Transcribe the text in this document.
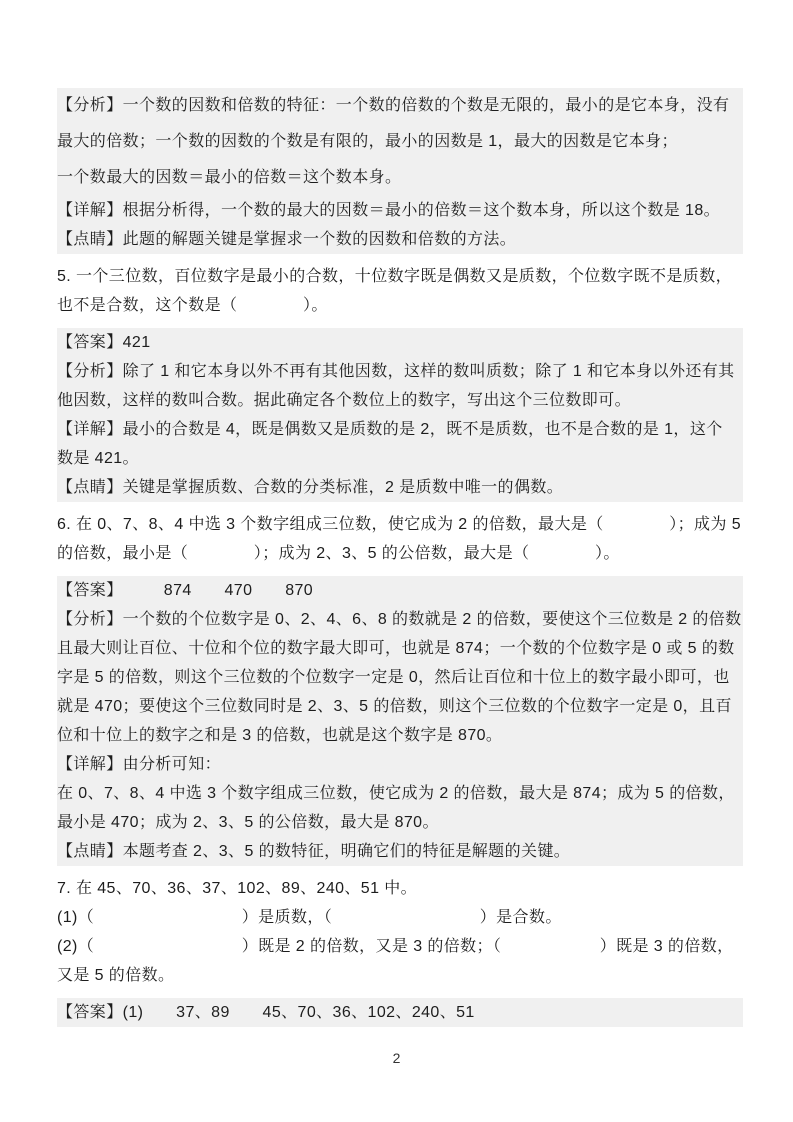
【分析】一个数的因数和倍数的特征：一个数的倍数的个数是无限的，最小的是它本身，没有
最大的倍数；一个数的因数的个数是有限的，最小的因数是 1，最大的因数是它本身；
一个数最大的因数＝最小的倍数＝这个数本身。
【详解】根据分析得，一个数的最大的因数＝最小的倍数＝这个数本身，所以这个数是 18。
【点睛】此题的解题关键是掌握求一个数的因数和倍数的方法。
5. 一个三位数，百位数字是最小的合数，十位数字既是偶数又是质数，个位数字既不是质数，
也不是合数，这个数是（　　　　）。
【答案】421
【分析】除了 1 和它本身以外不再有其他因数，这样的数叫质数；除了 1 和它本身以外还有其
他因数，这样的数叫合数。据此确定各个数位上的数字，写出这个三位数即可。
【详解】最小的合数是 4，既是偶数又是质数的是 2，既不是质数，也不是合数的是 1，这个
数是 421。
【点睛】关键是掌握质数、合数的分类标准，2 是质数中唯一的偶数。
6. 在 0、7、8、4 中选 3 个数字组成三位数，使它成为 2 的倍数，最大是（　　　　）；成为 5
的倍数，最小是（　　　　）；成为 2、3、5 的公倍数，最大是（　　　　）。
【答案】　　　874　　470　　870
【分析】一个数的个位数字是 0、2、4、6、8 的数就是 2 的倍数，要使这个三位数是 2 的倍数
且最大则让百位、十位和个位的数字最大即可，也就是 874；一个数的个位数字是 0 或 5 的数
字是 5 的倍数，则这个三位数的个位数字一定是 0，然后让百位和十位上的数字最小即可，也
就是 470；要使这个三位数同时是 2、3、5 的倍数，则这个三位数的个位数字一定是 0，且百
位和十位上的数字之和是 3 的倍数，也就是这个数字是 870。
【详解】由分析可知：
在 0、7、8、4 中选 3 个数字组成三位数，使它成为 2 的倍数，最大是 874；成为 5 的倍数，
最小是 470；成为 2、3、5 的公倍数，最大是 870。
【点睛】本题考查 2、3、5 的数特征，明确它们的特征是解题的关键。
7. 在 45、70、36、37、102、89、240、51 中。
(1)（　　　　　　　　　）是质数，（　　　　　　　　　）是合数。
(2)（　　　　　　　　　）既是 2 的倍数，又是 3 的倍数；（　　　　　　）既是 3 的倍数，
又是 5 的倍数。
【答案】(1)　　37、89　　45、70、36、102、240、51
2
